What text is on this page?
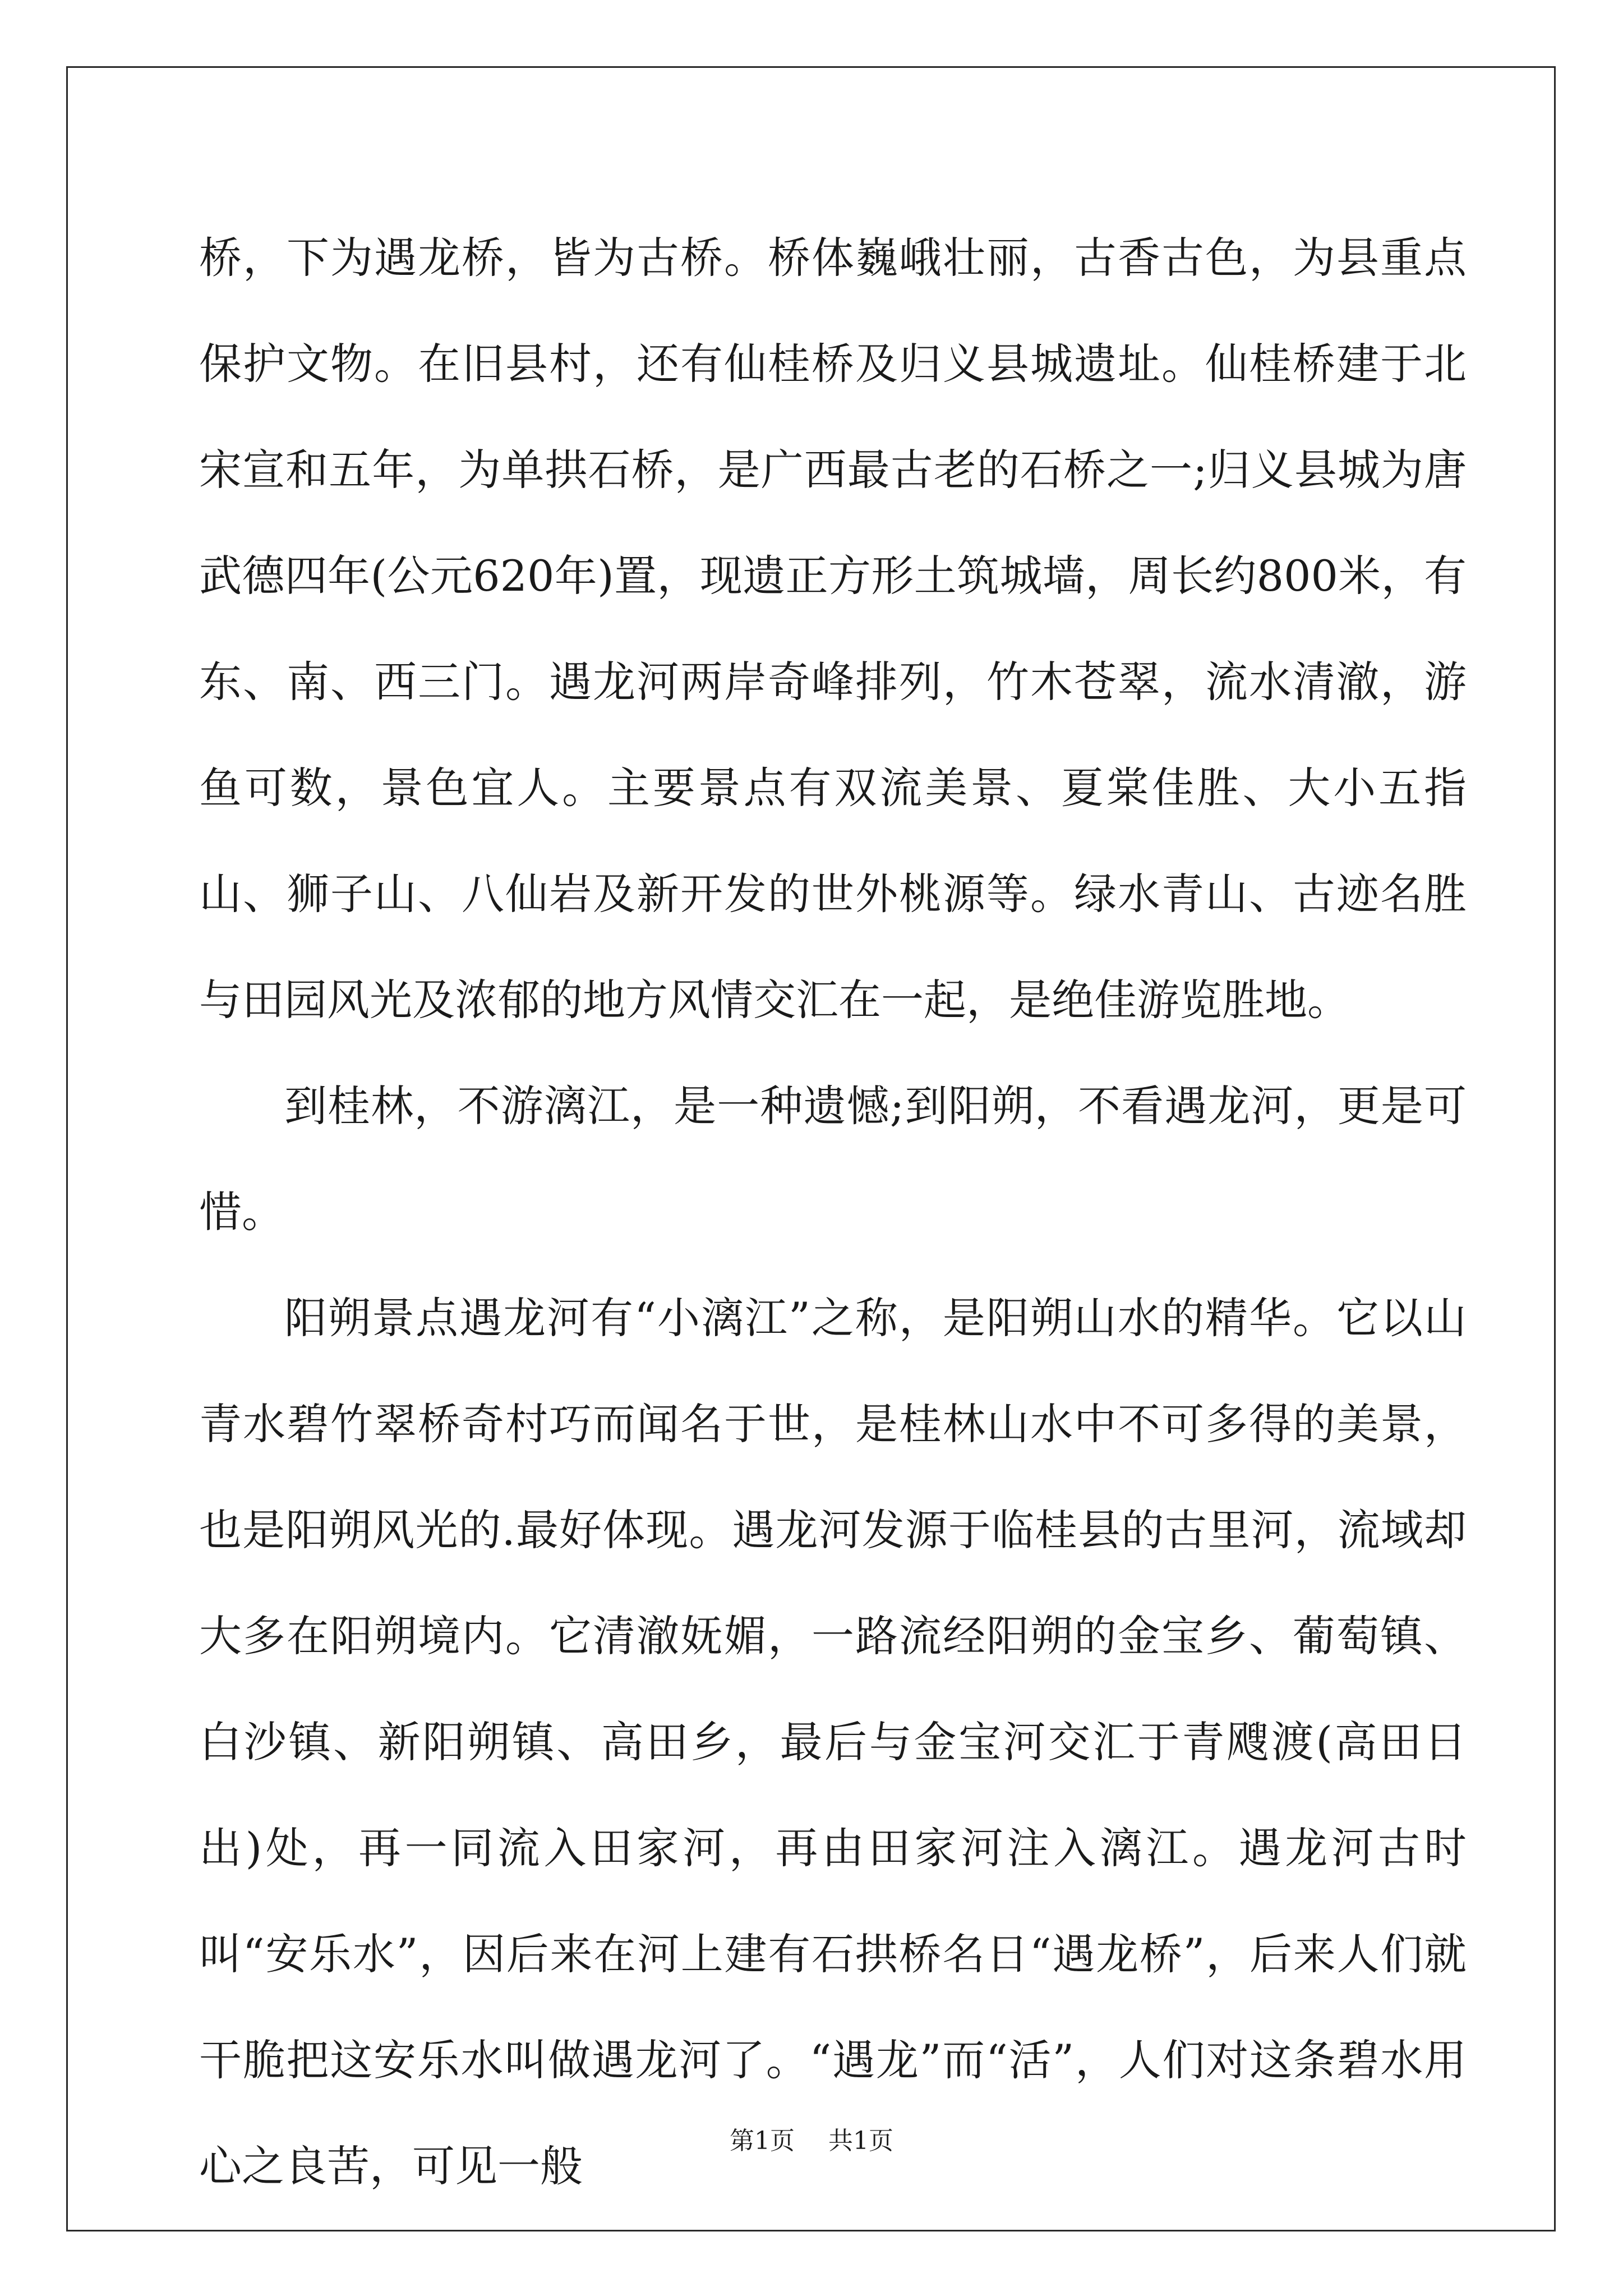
桥，下为遇龙桥，皆为古桥。桥体巍峨壮丽，古香古色，为县重点保护文物。在旧县村，还有仙桂桥及归义县城遗址。仙桂桥建于北宋宣和五年，为单拱石桥，是广西最古老的石桥之一;归义县城为唐武德四年(公元620年)置，现遗正方形土筑城墙，周长约800米，有东、南、西三门。遇龙河两岸奇峰排列，竹木苍翠，流水清澈，游鱼可数，景色宜人。主要景点有双流美景、夏棠佳胜、大小五指山、狮子山、八仙岩及新开发的世外桃源等。绿水青山、古迹名胜与田园风光及浓郁的地方风情交汇在一起，是绝佳游览胜地。

到桂林，不游漓江，是一种遗憾;到阳朔，不看遇龙河，更是可惜。

阳朔景点遇龙河有“小漓江”之称，是阳朔山水的精华。它以山青水碧竹翠桥奇村巧而闻名于世，是桂林山水中不可多得的美景，也是阳朔风光的.最好体现。遇龙河发源于临桂县的古里河，流域却大多在阳朔境内。它清澈妩媚，一路流经阳朔的金宝乡、葡萄镇、白沙镇、新阳朔镇、高田乡，最后与金宝河交汇于青飕渡(高田日出)处，再一同流入田家河，再由田家河注入漓江。遇龙河古时叫“安乐水”，因后来在河上建有石拱桥名日“遇龙桥”，后来人们就干脆把这安乐水叫做遇龙河了。“遇龙”而“活”，人们对这条碧水用心之良苦，可见一般

第1页 共1页
